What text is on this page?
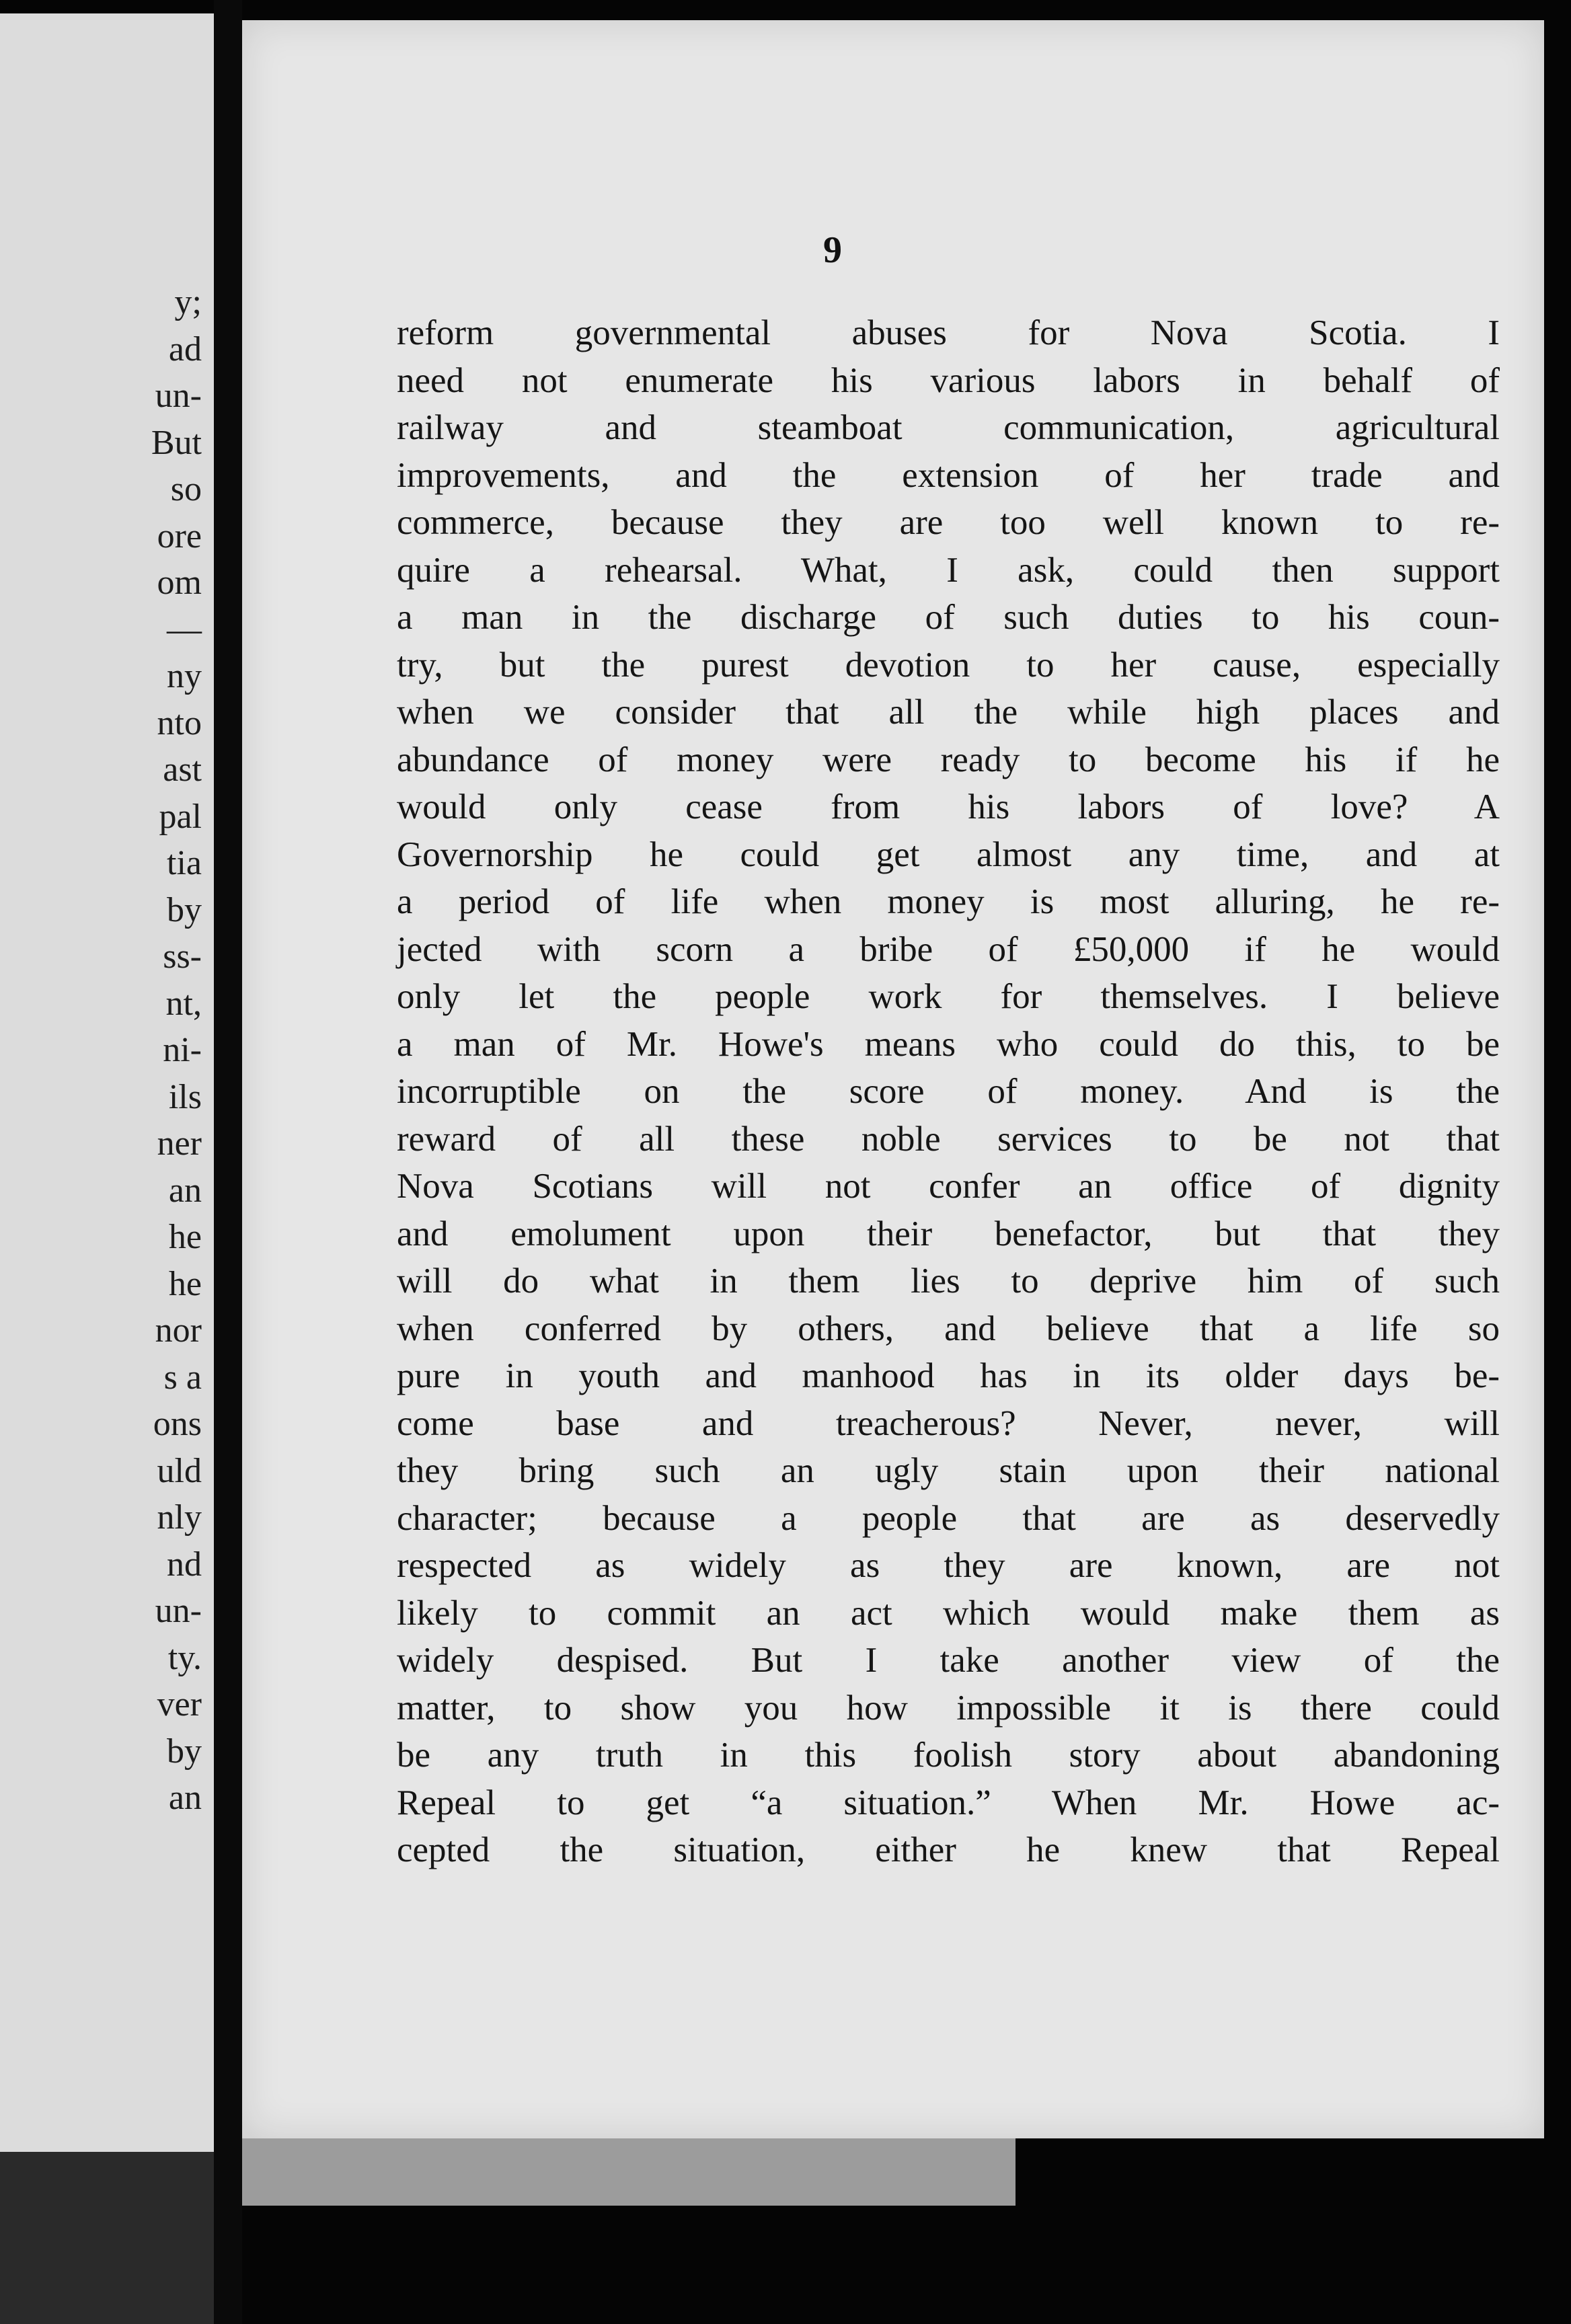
y;
ad
un-
But
so
ore
om
—
ny
nto
ast
pal
tia
by
ss-
nt,
ni-
ils
ner
an
he
he
nor
s a
ons
uld
nly
nd
un-
ty.
ver
by
an
9
reform governmental abuses for Nova Scotia. I
need not enumerate his various labors in behalf of
railway and steamboat communication, agricultural
improvements, and the extension of her trade and
commerce, because they are too well known to re-
quire a rehearsal. What, I ask, could then support
a man in the discharge of such duties to his coun-
try, but the purest devotion to her cause, especially
when we consider that all the while high places and
abundance of money were ready to become his if he
would only cease from his labors of love? A
Governorship he could get almost any time, and at
a period of life when money is most alluring, he re-
jected with scorn a bribe of £50,000 if he would
only let the people work for themselves. I believe
a man of Mr. Howe's means who could do this, to be
incorruptible on the score of money. And is the
reward of all these noble services to be not that
Nova Scotians will not confer an office of dignity
and emolument upon their benefactor, but that they
will do what in them lies to deprive him of such
when conferred by others, and believe that a life so
pure in youth and manhood has in its older days be-
come base and treacherous? Never, never, will
they bring such an ugly stain upon their national
character; because a people that are as deservedly
respected as widely as they are known, are not
likely to commit an act which would make them as
widely despised. But I take another view of the
matter, to show you how impossible it is there could
be any truth in this foolish story about abandoning
Repeal to get “a situation.” When Mr. Howe ac-
cepted the situation, either he knew that Repeal
